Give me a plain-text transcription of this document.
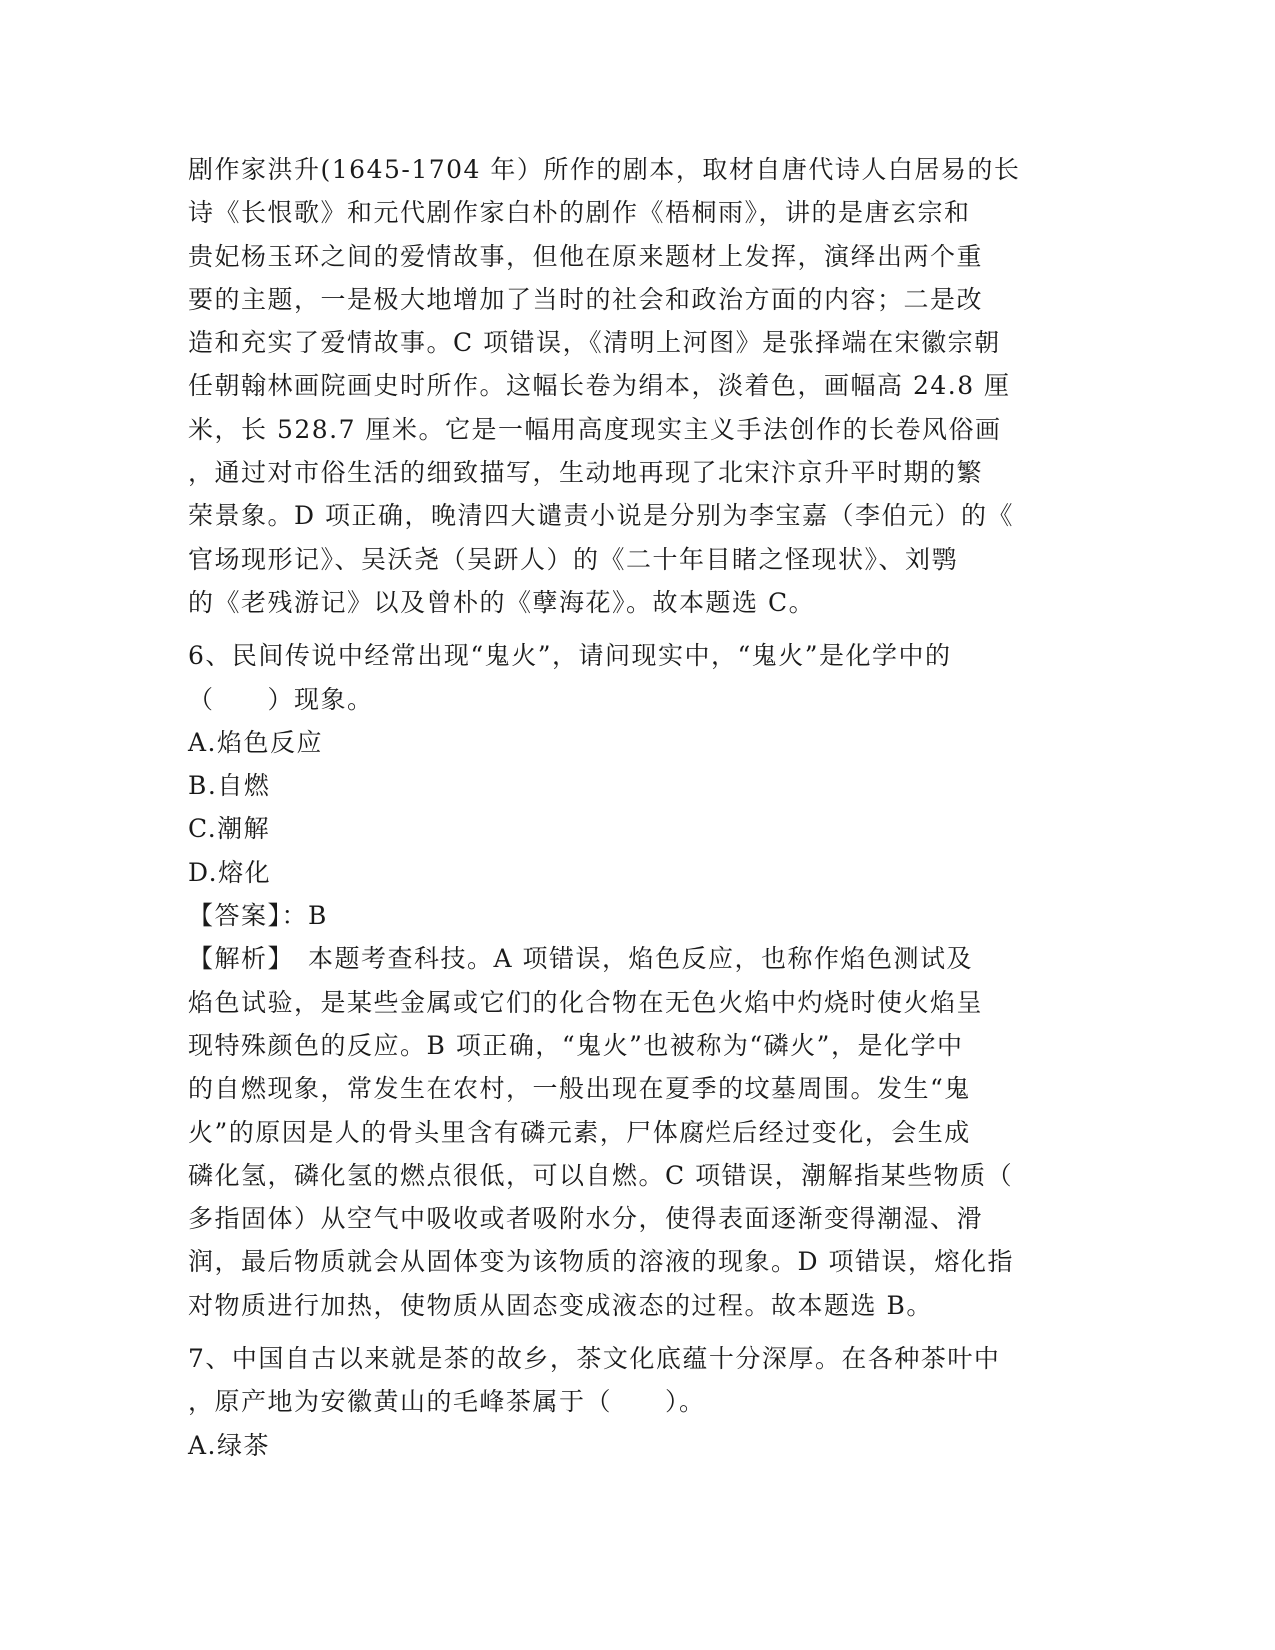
剧作家洪升(1645-1704 年）所作的剧本，取材自唐代诗人白居易的长
诗《长恨歌》和元代剧作家白朴的剧作《梧桐雨》，讲的是唐玄宗和
贵妃杨玉环之间的爱情故事，但他在原来题材上发挥，演绎出两个重
要的主题，一是极大地增加了当时的社会和政治方面的内容；二是改
造和充实了爱情故事。C 项错误，《清明上河图》是张择端在宋徽宗朝
任朝翰林画院画史时所作。这幅长卷为绢本，淡着色，画幅高 24.8 厘
米，长 528.7 厘米。它是一幅用高度现实主义手法创作的长卷风俗画
，通过对市俗生活的细致描写，生动地再现了北宋汴京升平时期的繁
荣景象。D 项正确，晚清四大谴责小说是分别为李宝嘉（李伯元）的《
官场现形记》、吴沃尧（吴趼人）的《二十年目睹之怪现状》、刘鹗
的《老残游记》以及曾朴的《孽海花》。故本题选 C。
6、民间传说中经常出现“鬼火”，请问现实中，“鬼火”是化学中的
（　　）现象。
A.焰色反应
B.自燃
C.潮解
D.熔化
【答案】：B
【解析】　本题考查科技。A 项错误，焰色反应，也称作焰色测试及
焰色试验，是某些金属或它们的化合物在无色火焰中灼烧时使火焰呈
现特殊颜色的反应。B 项正确，“鬼火”也被称为“磷火”，是化学中
的自燃现象，常发生在农村，一般出现在夏季的坟墓周围。发生“鬼
火”的原因是人的骨头里含有磷元素，尸体腐烂后经过变化，会生成
磷化氢，磷化氢的燃点很低，可以自燃。C 项错误，潮解指某些物质（
多指固体）从空气中吸收或者吸附水分，使得表面逐渐变得潮湿、滑
润，最后物质就会从固体变为该物质的溶液的现象。D 项错误，熔化指
对物质进行加热，使物质从固态变成液态的过程。故本题选 B。
7、中国自古以来就是茶的故乡，茶文化底蕴十分深厚。在各种茶叶中
，原产地为安徽黄山的毛峰茶属于（　　）。
A.绿茶
